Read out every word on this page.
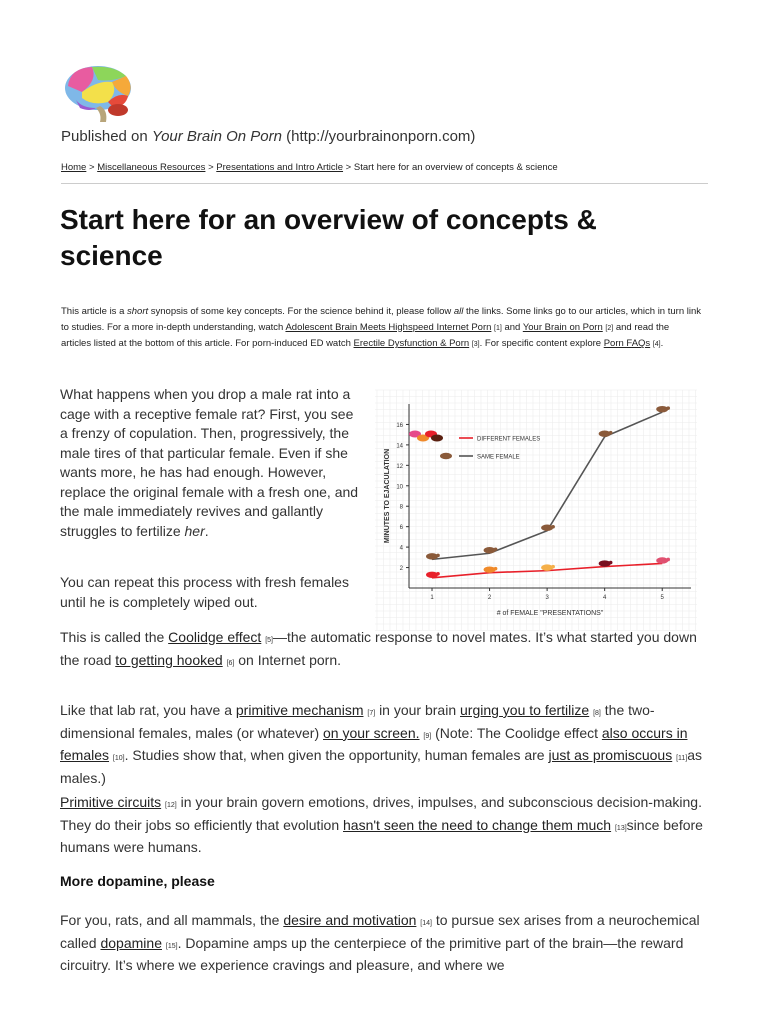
Published on Your Brain On Porn (http://yourbrainonporn.com)
Home > Miscellaneous Resources > Presentations and Intro Article > Start here for an overview of concepts & science
Start here for an overview of concepts & science
This article is a short synopsis of some key concepts. For the science behind it, please follow all the links. Some links go to our articles, which in turn link to studies. For a more in-depth understanding, watch Adolescent Brain Meets Highspeed Internet Porn [1] and Your Brain on Porn [2] and read the articles listed at the bottom of this article. For porn-induced ED watch Erectile Dysfunction & Porn [3]. For specific content explore Porn FAQs [4].

What happens when you drop a male rat into a cage with a receptive female rat? First, you see a frenzy of copulation. Then, progressively, the male tires of that particular female. Even if she wants more, he has had enough. However, replace the original female with a fresh one, and the male immediately revives and gallantly struggles to fertilize her.

You can repeat this process with fresh females until he is completely wiped out.

2
4
6
8
10
12
14
16
1	2	3	4	5
# of FEMALE "PRESENTATIONS"
MINUTES TO EJACULATION
DIFFERENT FEMALES
SAME FEMALE

This is called the Coolidge effect [5]—the automatic response to novel mates. It’s what started you down the road to getting hooked [6] on Internet porn.

Like that lab rat, you have a primitive mechanism [7] in your brain urging you to fertilize [8] the two-dimensional females, males (or whatever) on your screen. [9] (Note: The Coolidge effect also occurs in females [10]. Studies show that, when given the opportunity, human females are just as promiscuous [11]as males.)

Primitive circuits [12] in your brain govern emotions, drives, impulses, and subconscious decision-making. They do their jobs so efficiently that evolution hasn't seen the need to change them much [13]since before humans were humans.

More dopamine, please

For you, rats, and all mammals, the desire and motivation [14] to pursue sex arises from a neurochemical called dopamine [15]. Dopamine amps up the centerpiece of the primitive part of the brain—the reward circuitry. It’s where we experience cravings and pleasure, and where we
